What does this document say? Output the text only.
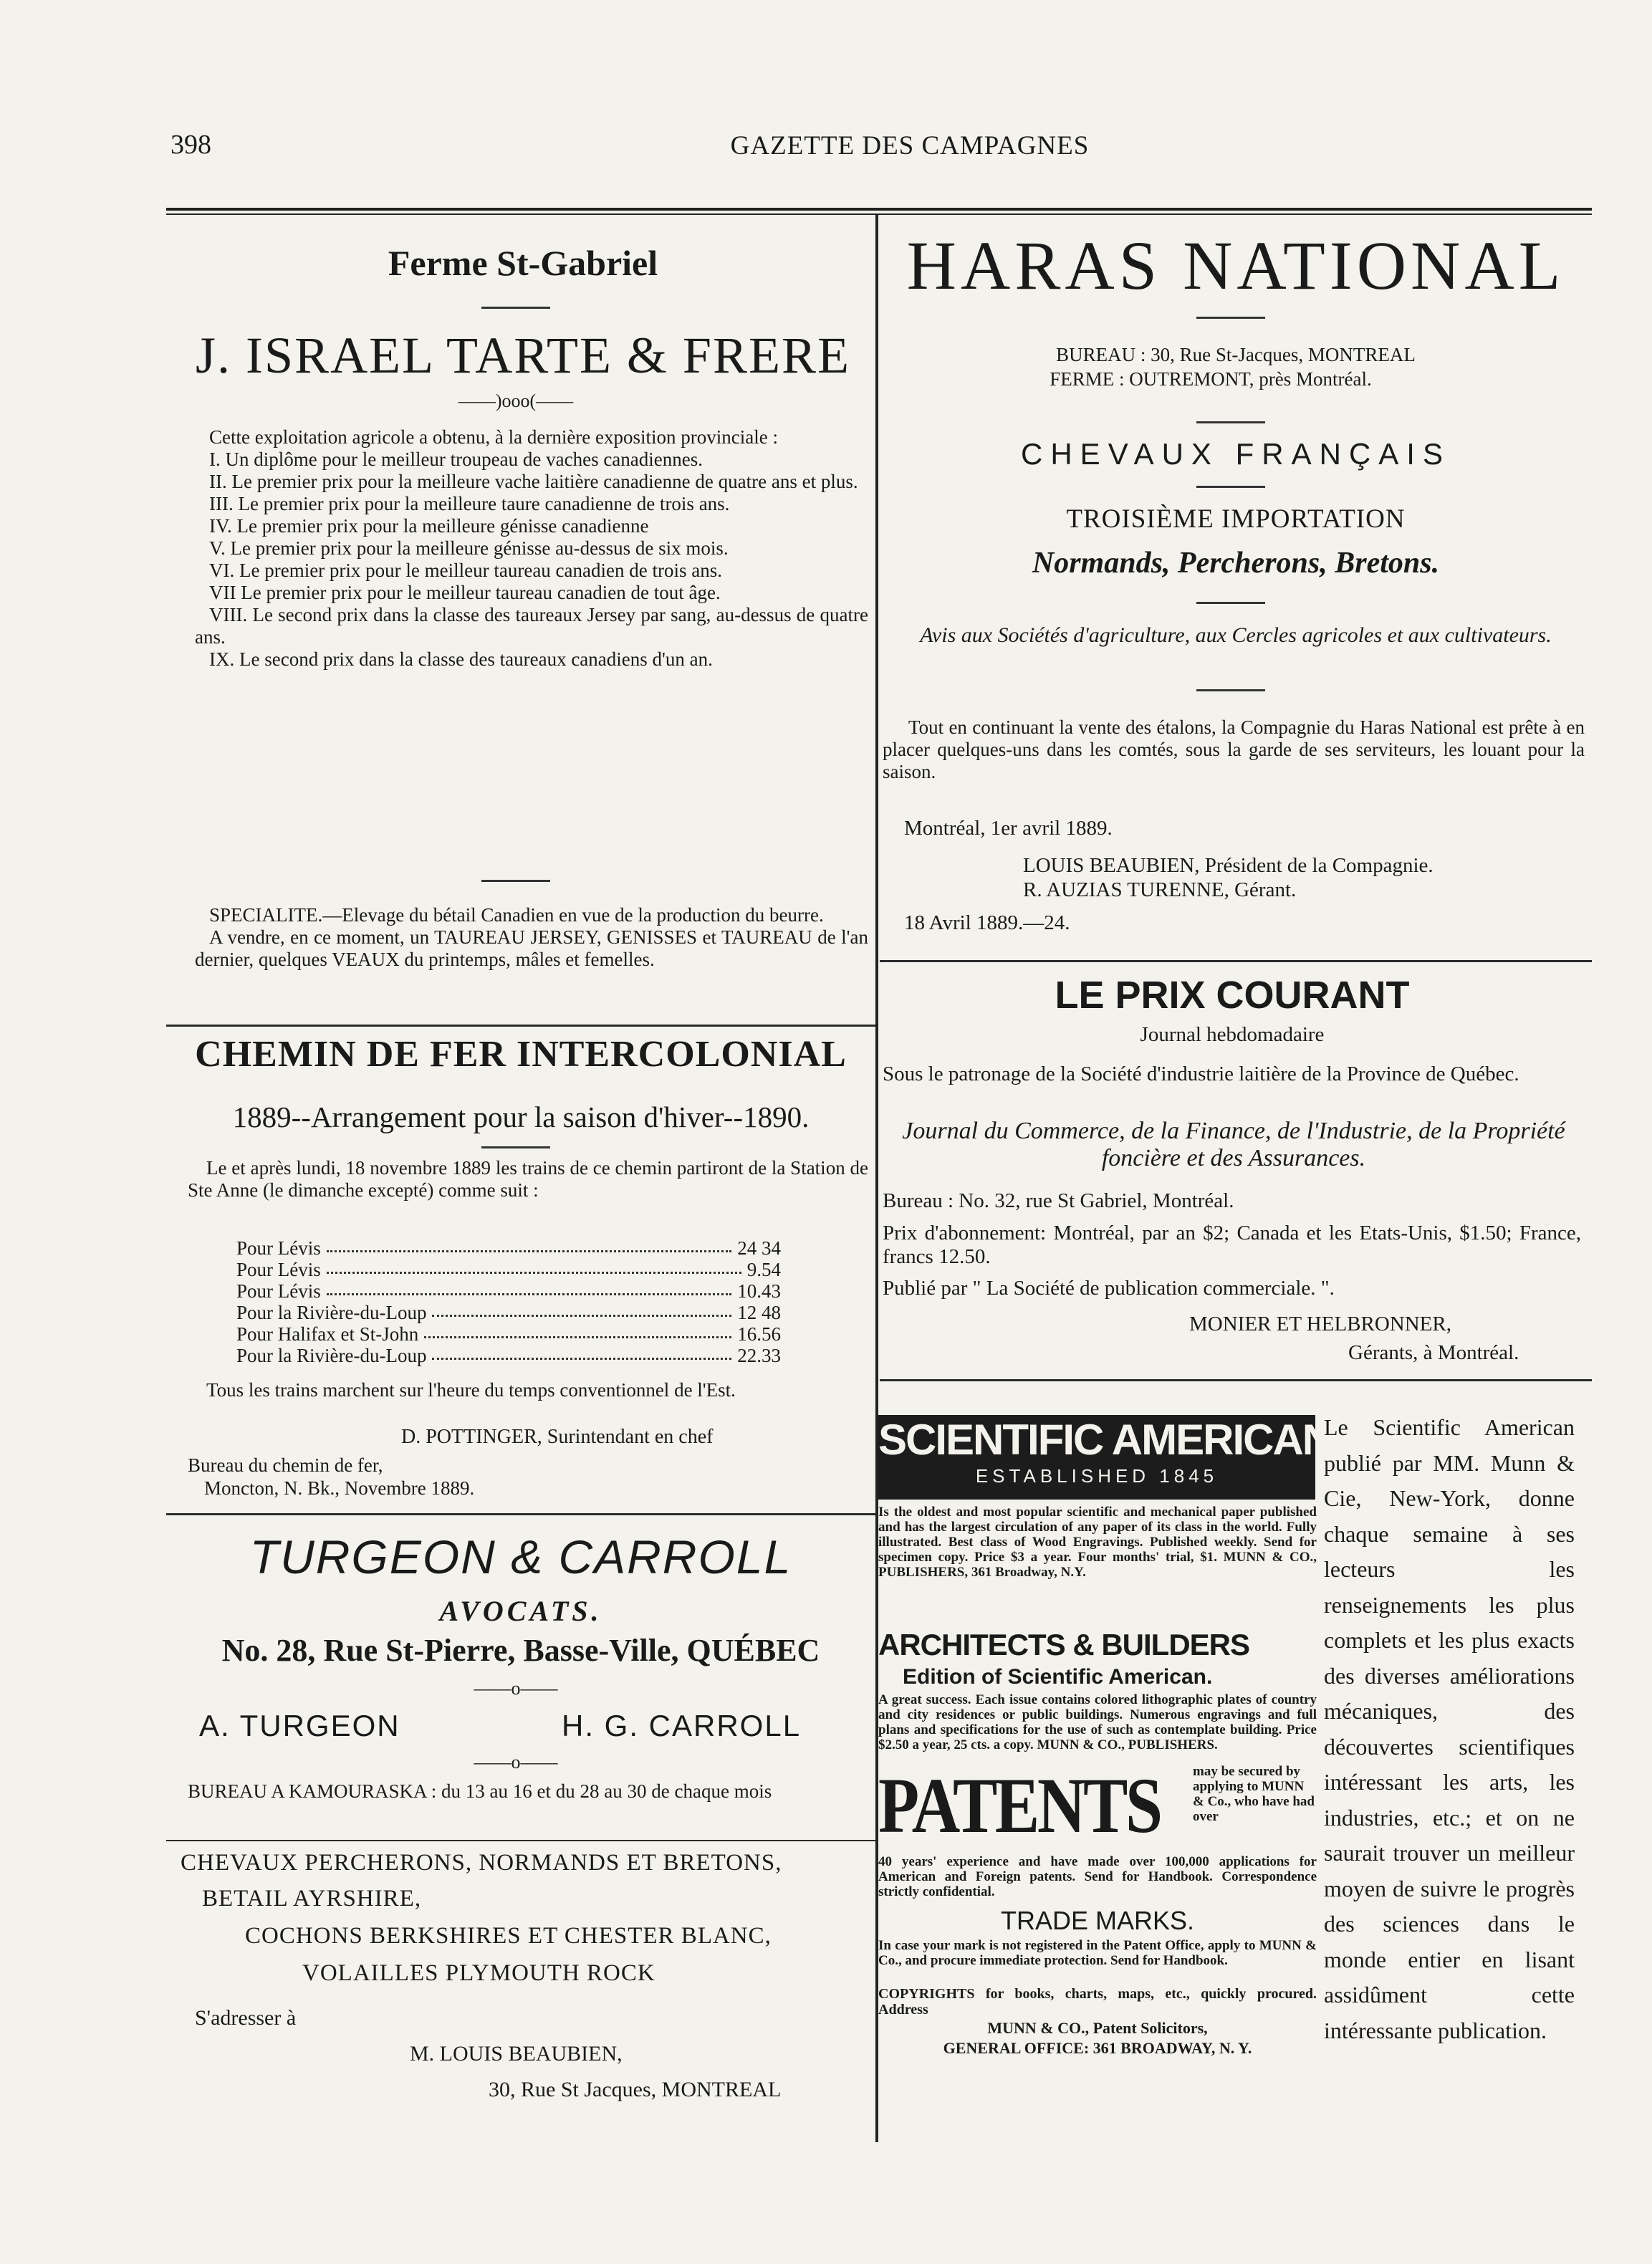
398	GAZETTE DES CAMPAGNES
Ferme St-Gabriel
J. ISRAEL TARTE & FRERE
——)ooo(——

Cette exploitation agricole a obtenu, à la dernière exposition provinciale :

I. Un diplôme pour le meilleur troupeau de vaches canadiennes.

II. Le premier prix pour la meilleure vache laitière canadienne de quatre ans et plus.

III. Le premier prix pour la meilleure taure canadienne de trois ans.

IV. Le premier prix pour la meilleure génisse canadienne

V. Le premier prix pour la meilleure génisse au-dessus de six mois.

VI. Le premier prix pour le meilleur taureau canadien de trois ans.

VII Le premier prix pour le meilleur taureau canadien de tout âge.

VIII. Le second prix dans la classe des taureaux Jersey par sang, au-dessus de quatre ans.

IX. Le second prix dans la classe des taureaux canadiens d'un an.

SPECIALITE.—Elevage du bétail Canadien en vue de la production du beurre.

A vendre, en ce moment, un TAUREAU JERSEY, GENISSES et TAUREAU de l'an dernier, quelques VEAUX du printemps, mâles et femelles.

CHEMIN DE FER INTERCOLONIAL
1889--Arrangement pour la saison d'hiver--1890.
Le et après lundi, 18 novembre 1889 les trains de ce chemin partiront de la Station de Ste Anne (le dimanche excepté) comme suit :
Pour Lévis	24 34
Pour Lévis	9.54
Pour Lévis	10.43
Pour la Rivière-du-Loup	12 48
Pour Halifax et St-John	16.56
Pour la Rivière-du-Loup	22.33
Tous les trains marchent sur l'heure du temps conventionnel de l'Est.
D. POTTINGER, Surintendant en chef
Bureau du chemin de fer,
Moncton, N. Bk., Novembre 1889.
TURGEON & CARROLL
AVOCATS.
No. 28, Rue St-Pierre, Basse-Ville, QUÉBEC
——o——
A. TURGEON	H. G. CARROLL
——o——
BUREAU A KAMOURASKA : du 13 au 16 et du 28 au 30 de chaque mois
CHEVAUX PERCHERONS, NORMANDS ET BRETONS,
BETAIL AYRSHIRE,
COCHONS BERKSHIRES ET CHESTER BLANC,
VOLAILLES PLYMOUTH ROCK
S'adresser à
M. LOUIS BEAUBIEN,
30, Rue St Jacques, MONTREAL
HARAS NATIONAL
BUREAU : 30, Rue St-Jacques, MONTREAL
FERME : OUTREMONT, près Montréal.
CHEVAUX FRANÇAIS
TROISIÈME IMPORTATION
Normands, Percherons, Bretons.
Avis aux Sociétés d'agriculture, aux Cercles agricoles et aux cultivateurs.
Tout en continuant la vente des étalons, la Compagnie du Haras National est prête à en placer quelques-uns dans les comtés, sous la garde de ses serviteurs, les louant pour la saison.
Montréal, 1er avril 1889.
LOUIS BEAUBIEN, Président de la Compagnie.
R. AUZIAS TURENNE, Gérant.
18 Avril 1889.—24.
LE PRIX COURANT
Journal hebdomadaire
Sous le patronage de la Société d'industrie laitière de la Province de Québec.
Journal du Commerce, de la Finance, de l'Industrie, de la Propriété foncière et des Assurances.
Bureau : No. 32, rue St Gabriel, Montréal.
Prix d'abonnement: Montréal, par an $2; Canada et les Etats-Unis, $1.50; France, francs 12.50.
Publié par " La Société de publication commerciale. ".
MONIER ET HELBRONNER,
Gérants, à Montréal.
SCIENTIFIC AMERICAN
ESTABLISHED 1845
Is the oldest and most popular scientific and mechanical paper published and has the largest circulation of any paper of its class in the world. Fully illustrated. Best class of Wood Engravings. Published weekly. Send for specimen copy. Price $3 a year. Four months' trial, $1. MUNN & CO., PUBLISHERS, 361 Broadway, N.Y.
ARCHITECTS & BUILDERS
Edition of Scientific American.
A great success. Each issue contains colored lithographic plates of country and city residences or public buildings. Numerous engravings and full plans and specifications for the use of such as contemplate building. Price $2.50 a year, 25 cts. a copy. MUNN & CO., PUBLISHERS.
PATENTS may be secured by applying to MUNN & Co., who have had over
40 years' experience and have made over 100,000 applications for American and Foreign patents. Send for Handbook. Correspondence strictly confidential.
TRADE MARKS.
In case your mark is not registered in the Patent Office, apply to MUNN & Co., and procure immediate protection. Send for Handbook.
COPYRIGHTS for books, charts, maps, etc., quickly procured. Address
MUNN & CO., Patent Solicitors,
GENERAL OFFICE: 361 BROADWAY, N. Y.
Le Scientific American publié par MM. Munn & Cie, New-York, donne chaque semaine à ses lecteurs les renseignements les plus complets et les plus exacts des diverses améliorations mécaniques, des découvertes scientifiques intéressant les arts, les industries, etc.; et on ne saurait trouver un meilleur moyen de suivre le progrès des sciences dans le monde entier en lisant assidûment cette intéressante publication.
